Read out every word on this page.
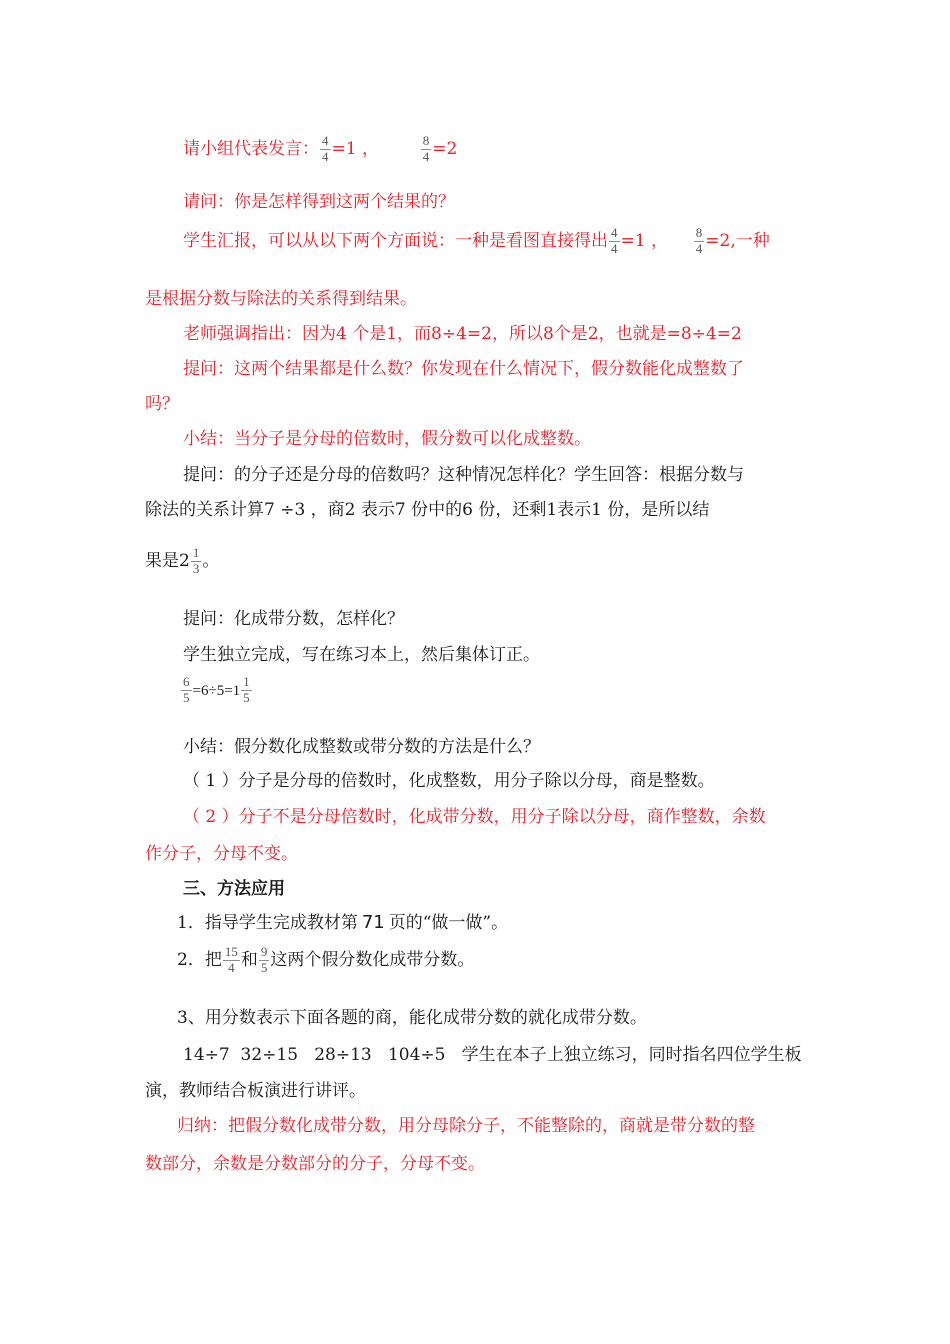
请小组代表发言： $\frac{4}{4} =1$ ，	$\frac{8}{4} =2$
请问：你是怎样得到这两个结果的？
学生汇报，可以从以下两个方面说：一种是看图直接得出 $\frac{4}{4} =1$ ， $\frac{8}{4} =2$,一种
是根据分数与除法的关系得到结果。
老师强调指出：因为4 个是1，而8÷4=2，所以8个是2，也就是=8÷4=2
提问：这两个结果都是什么数？你发现在什么情况下，假分数能化成整数了
吗？
小结：当分子是分母的倍数时，假分数可以化成整数。
提问：的分子还是分母的倍数吗？这种情况怎样化？学生回答：根据分数与
除法的关系计算7 ÷3 ，商2 表示7 份中的6 份，还剩1表示1 份，是所以结
果是$2 \frac{1}{3}$ 。
提问：化成带分数，怎样化？
学生独立完成，写在练习本上，然后集体订正。
$\frac{6}{5} =6\div 5=1 \frac{1}{5}$
小结：假分数化成整数或带分数的方法是什么？
（ 1 ）分子是分母的倍数时，化成整数，用分子除以分母，商是整数。
（ 2 ）分子不是分母倍数时，化成带分数，用分子除以分母，商作整数，余数
作分子，分母不变。
三、方法应用
1．指导学生完成教材第 71 页的“做一做”。
2．把 $\frac{15}{4}$ 和 $\frac{9}{5}$ 这两个假分数化成带分数。
3、用分数表示下面各题的商，能化成带分数的就化成带分数。
14÷7  32÷15   28÷13   104÷5   学生在本子上独立练习，同时指名四位学生板
演，教师结合板演进行讲评。
归纳：把假分数化成带分数，用分母除分子，不能整除的，商就是带分数的整
数部分，余数是分数部分的分子，分母不变。
